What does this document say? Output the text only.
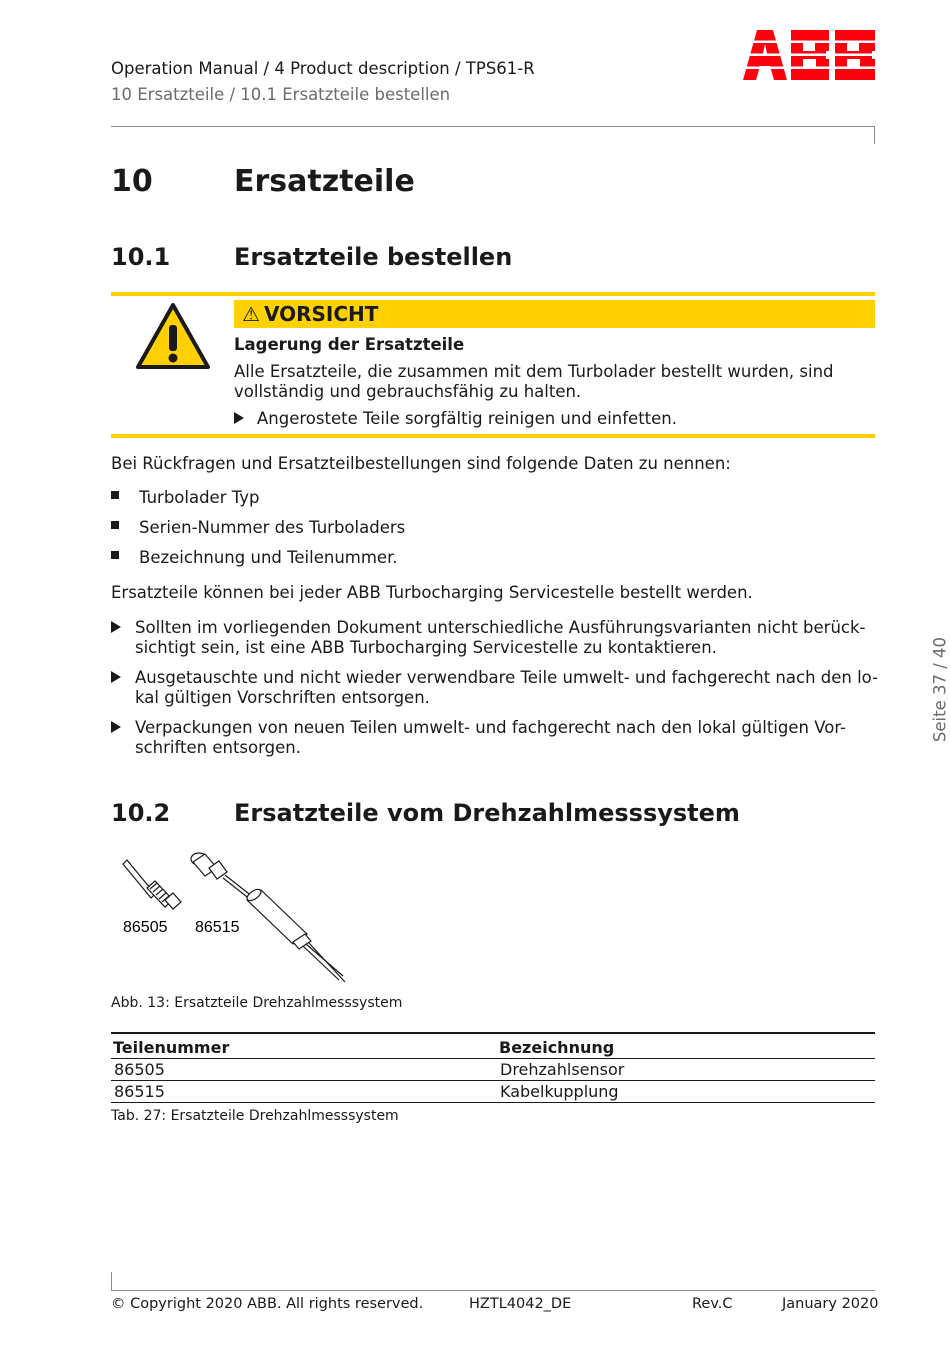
Operation Manual / 4 Product description / TPS61-R
10 Ersatzteile / 10.1 Ersatzteile bestellen
10	Ersatzteile
10.1	Ersatzteile bestellen
⚠ VORSICHT
Lagerung der Ersatzteile
Alle Ersatzteile, die zusammen mit dem Turbolader bestellt wurden, sind
vollständig und gebrauchsfähig zu halten.
Angerostete Teile sorgfältig reinigen und einfetten.
Bei Rückfragen und Ersatzteilbestellungen sind folgende Daten zu nennen:
Turbolader Typ
Serien-Nummer des Turboladers
Bezeichnung und Teilenummer.
Ersatzteile können bei jeder ABB Turbocharging Servicestelle bestellt werden.
Sollten im vorliegenden Dokument unterschiedliche Ausführungsvarianten nicht berück-
sichtigt sein, ist eine ABB Turbocharging Servicestelle zu kontaktieren.
Ausgetauschte und nicht wieder verwendbare Teile umwelt- und fachgerecht nach den lo-
kal gültigen Vorschriften entsorgen.
Verpackungen von neuen Teilen umwelt- und fachgerecht nach den lokal gültigen Vor-
schriften entsorgen.
Seite 37 / 40
10.2	Ersatzteile vom Drehzahlmesssystem
86505 86515
Abb. 13: Ersatzteile Drehzahlmesssystem
Teilenummer	Bezeichnung
86505	Drehzahlsensor
86515	Kabelkupplung
Tab. 27: Ersatzteile Drehzahlmesssystem
© Copyright 2020 ABB. All rights reserved.	HZTL4042_DE	Rev.C	January 2020
